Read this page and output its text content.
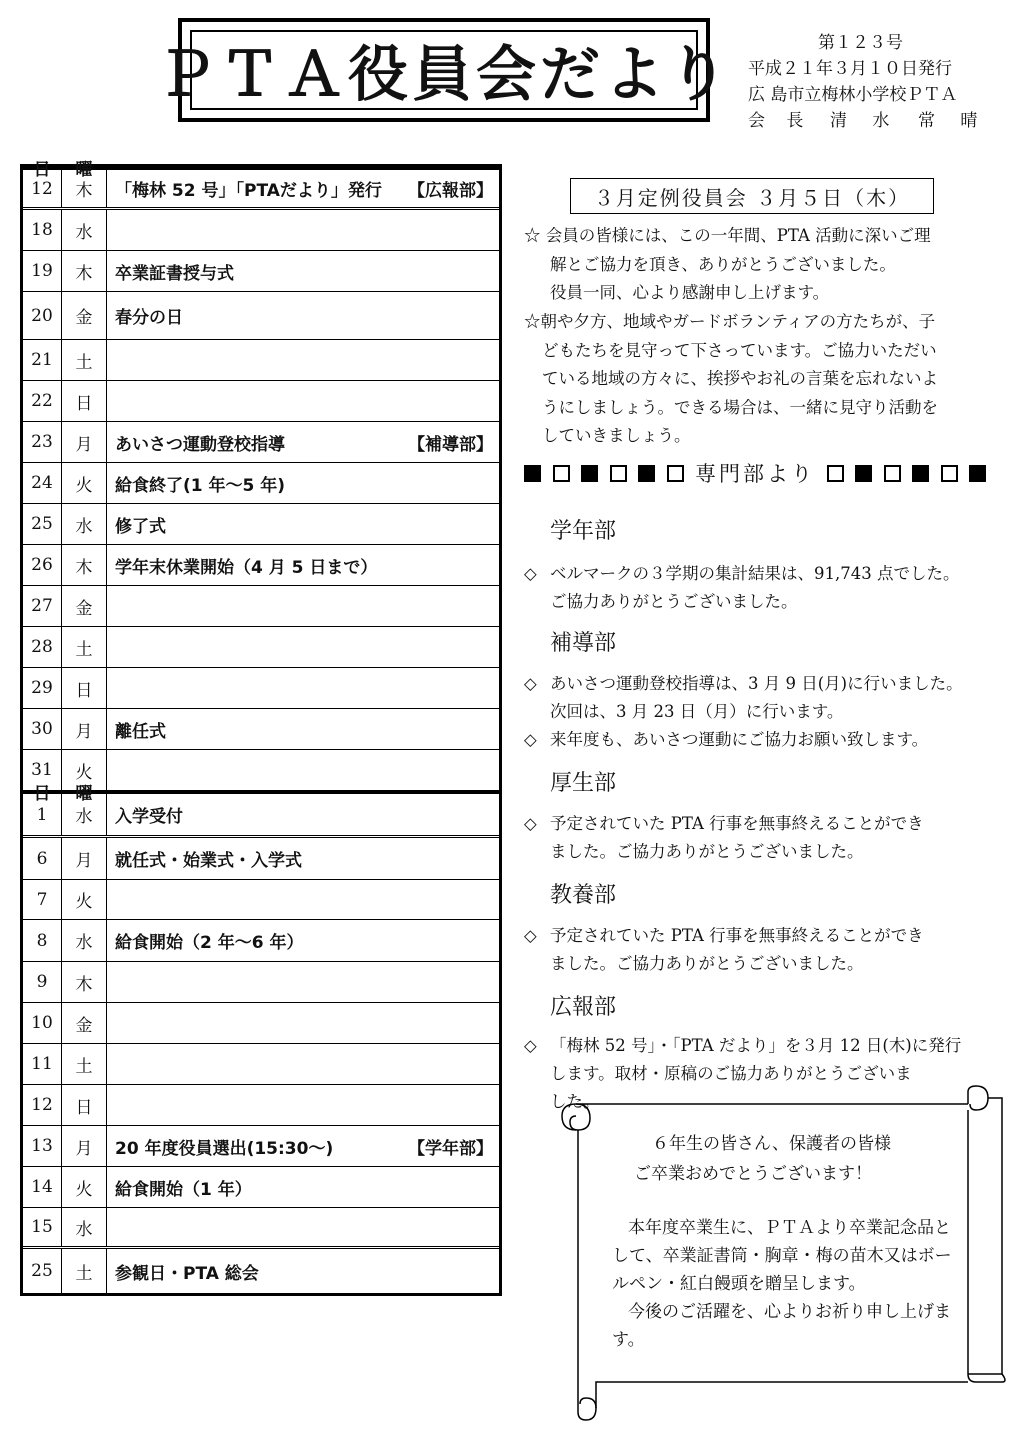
ＰＴＡ役員会だより	第１２３号
平成２１年３月１０日発行
広 島市立梅林小学校ＰＴＡ
会 長	清 水	常 晴
日	曜
12	木	「梅林 52 号」「PTAだより」発行 【広報部】
18	水
19	木	卒業証書授与式
20	金	春分の日
21	土
22	日
23	月	あいさつ運動登校指導	【補導部】
24	火	給食終了(1 年～5 年)
25	水	修了式
26	木	学年末休業開始（4 月 5 日まで）
27	金
28	土
29	日
30	月	離任式
31	火
日	曜
1	水	入学受付
6	月	就任式・始業式・入学式
7	火
8	水	給食開始（2 年～6 年）
9	木
10	金
11	土
12	日
13	月	20 年度役員選出(15:30～)	【学年部】
14	火	給食開始（1 年）
15	水
25	土	参観日・PTA 総会
３月定例役員会 ３月５日（木）
☆ 会員の皆様には、この一年間、PTA 活動に深いご理
解とご協力を頂き、ありがとうございました。
役員一同、心より感謝申し上げます。
☆朝や夕方、地域やガードボランティアの方たちが、子
どもたちを見守って下さっています。ご協力いただい
ている地域の方々に、挨拶やお礼の言葉を忘れないよ
うにしましょう。できる場合は、一緒に見守り活動を
していきましょう。
専門部より
学年部
◇ ベルマークの３学期の集計結果は、91,743 点でした。
ご協力ありがとうございました。
補導部
◇ あいさつ運動登校指導は、3 月 9 日(月)に行いました。
次回は、3 月 23 日（月）に行います。
◇ 来年度も、あいさつ運動にご協力お願い致します。
厚生部
◇ 予定されていた PTA 行事を無事終えることができ
ました。ご協力ありがとうございました。
教養部
◇ 予定されていた PTA 行事を無事終えることができ
ました。ご協力ありがとうございました。
広報部
◇ 「梅林 52 号」・「PTA だより」を３月 12 日(木)に発行
します。取材・原稿のご協力ありがとうございま
した。
６年生の皆さん、保護者の皆様
ご卒業おめでとうございます！
本年度卒業生に、ＰＴＡより卒業記念品と
して、卒業証書筒・胸章・梅の苗木又はボー
ルペン・紅白饅頭を贈呈します。
今後のご活躍を、心よりお祈り申し上げま
す。
